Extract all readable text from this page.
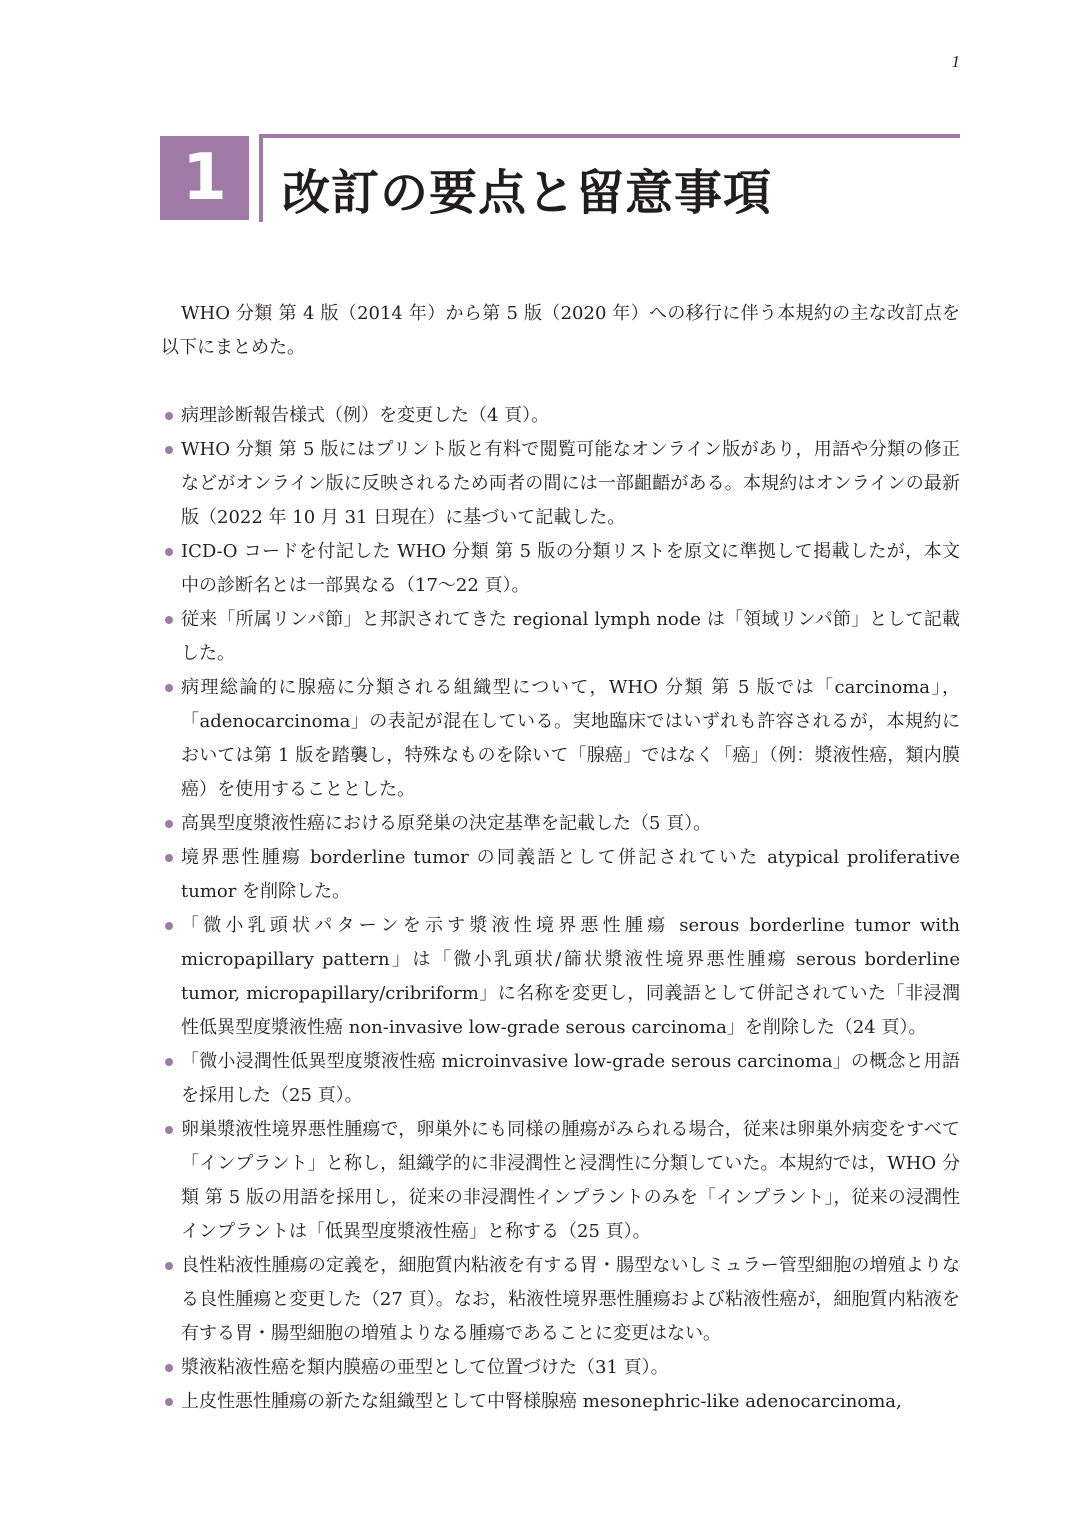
1
1	改訂の要点と留意事項

WHO 分類 第 4 版（2014 年）から第 5 版（2020 年）への移行に伴う本規約の主な改訂点を以下にまとめた。

病理診断報告様式（例）を変更した（4 頁）。
WHO 分類 第 5 版にはプリント版と有料で閲覧可能なオンライン版があり，用語や分類の修正などがオンライン版に反映されるため両者の間には一部齟齬がある。本規約はオンラインの最新版（2022 年 10 月 31 日現在）に基づいて記載した。
ICD-O コードを付記した WHO 分類 第 5 版の分類リストを原文に準拠して掲載したが，本文中の診断名とは一部異なる（17〜22 頁）。
従来「所属リンパ節」と邦訳されてきた regional lymph node は「領域リンパ節」として記載した。
病理総論的に腺癌に分類される組織型について，WHO 分類 第 5 版では「carcinoma」，「adenocarcinoma」の表記が混在している。実地臨床ではいずれも許容されるが，本規約においては第 1 版を踏襲し，特殊なものを除いて「腺癌」ではなく「癌」（例：漿液性癌，類内膜癌）を使用することとした。
高異型度漿液性癌における原発巣の決定基準を記載した（5 頁）。
境界悪性腫瘍 borderline tumor の同義語として併記されていた atypical proliferative tumor を削除した。
「微小乳頭状パターンを示す漿液性境界悪性腫瘍 serous borderline tumor with micropapillary pattern」は「微小乳頭状/篩状漿液性境界悪性腫瘍 serous borderline tumor, micropapillary/cribriform」に名称を変更し，同義語として併記されていた「非浸潤性低異型度漿液性癌 non-invasive low-grade serous carcinoma」を削除した（24 頁）。
「微小浸潤性低異型度漿液性癌 microinvasive low-grade serous carcinoma」の概念と用語を採用した（25 頁）。
卵巣漿液性境界悪性腫瘍で，卵巣外にも同様の腫瘍がみられる場合，従来は卵巣外病変をすべて「インプラント」と称し，組織学的に非浸潤性と浸潤性に分類していた。本規約では，WHO 分類 第 5 版の用語を採用し，従来の非浸潤性インプラントのみを「インプラント」，従来の浸潤性インプラントは「低異型度漿液性癌」と称する（25 頁）。
良性粘液性腫瘍の定義を，細胞質内粘液を有する胃・腸型ないしミュラー管型細胞の増殖よりなる良性腫瘍と変更した（27 頁）。なお，粘液性境界悪性腫瘍および粘液性癌が，細胞質内粘液を有する胃・腸型細胞の増殖よりなる腫瘍であることに変更はない。
漿液粘液性癌を類内膜癌の亜型として位置づけた（31 頁）。
上皮性悪性腫瘍の新たな組織型として中腎様腺癌 mesonephric-like adenocarcinoma,
